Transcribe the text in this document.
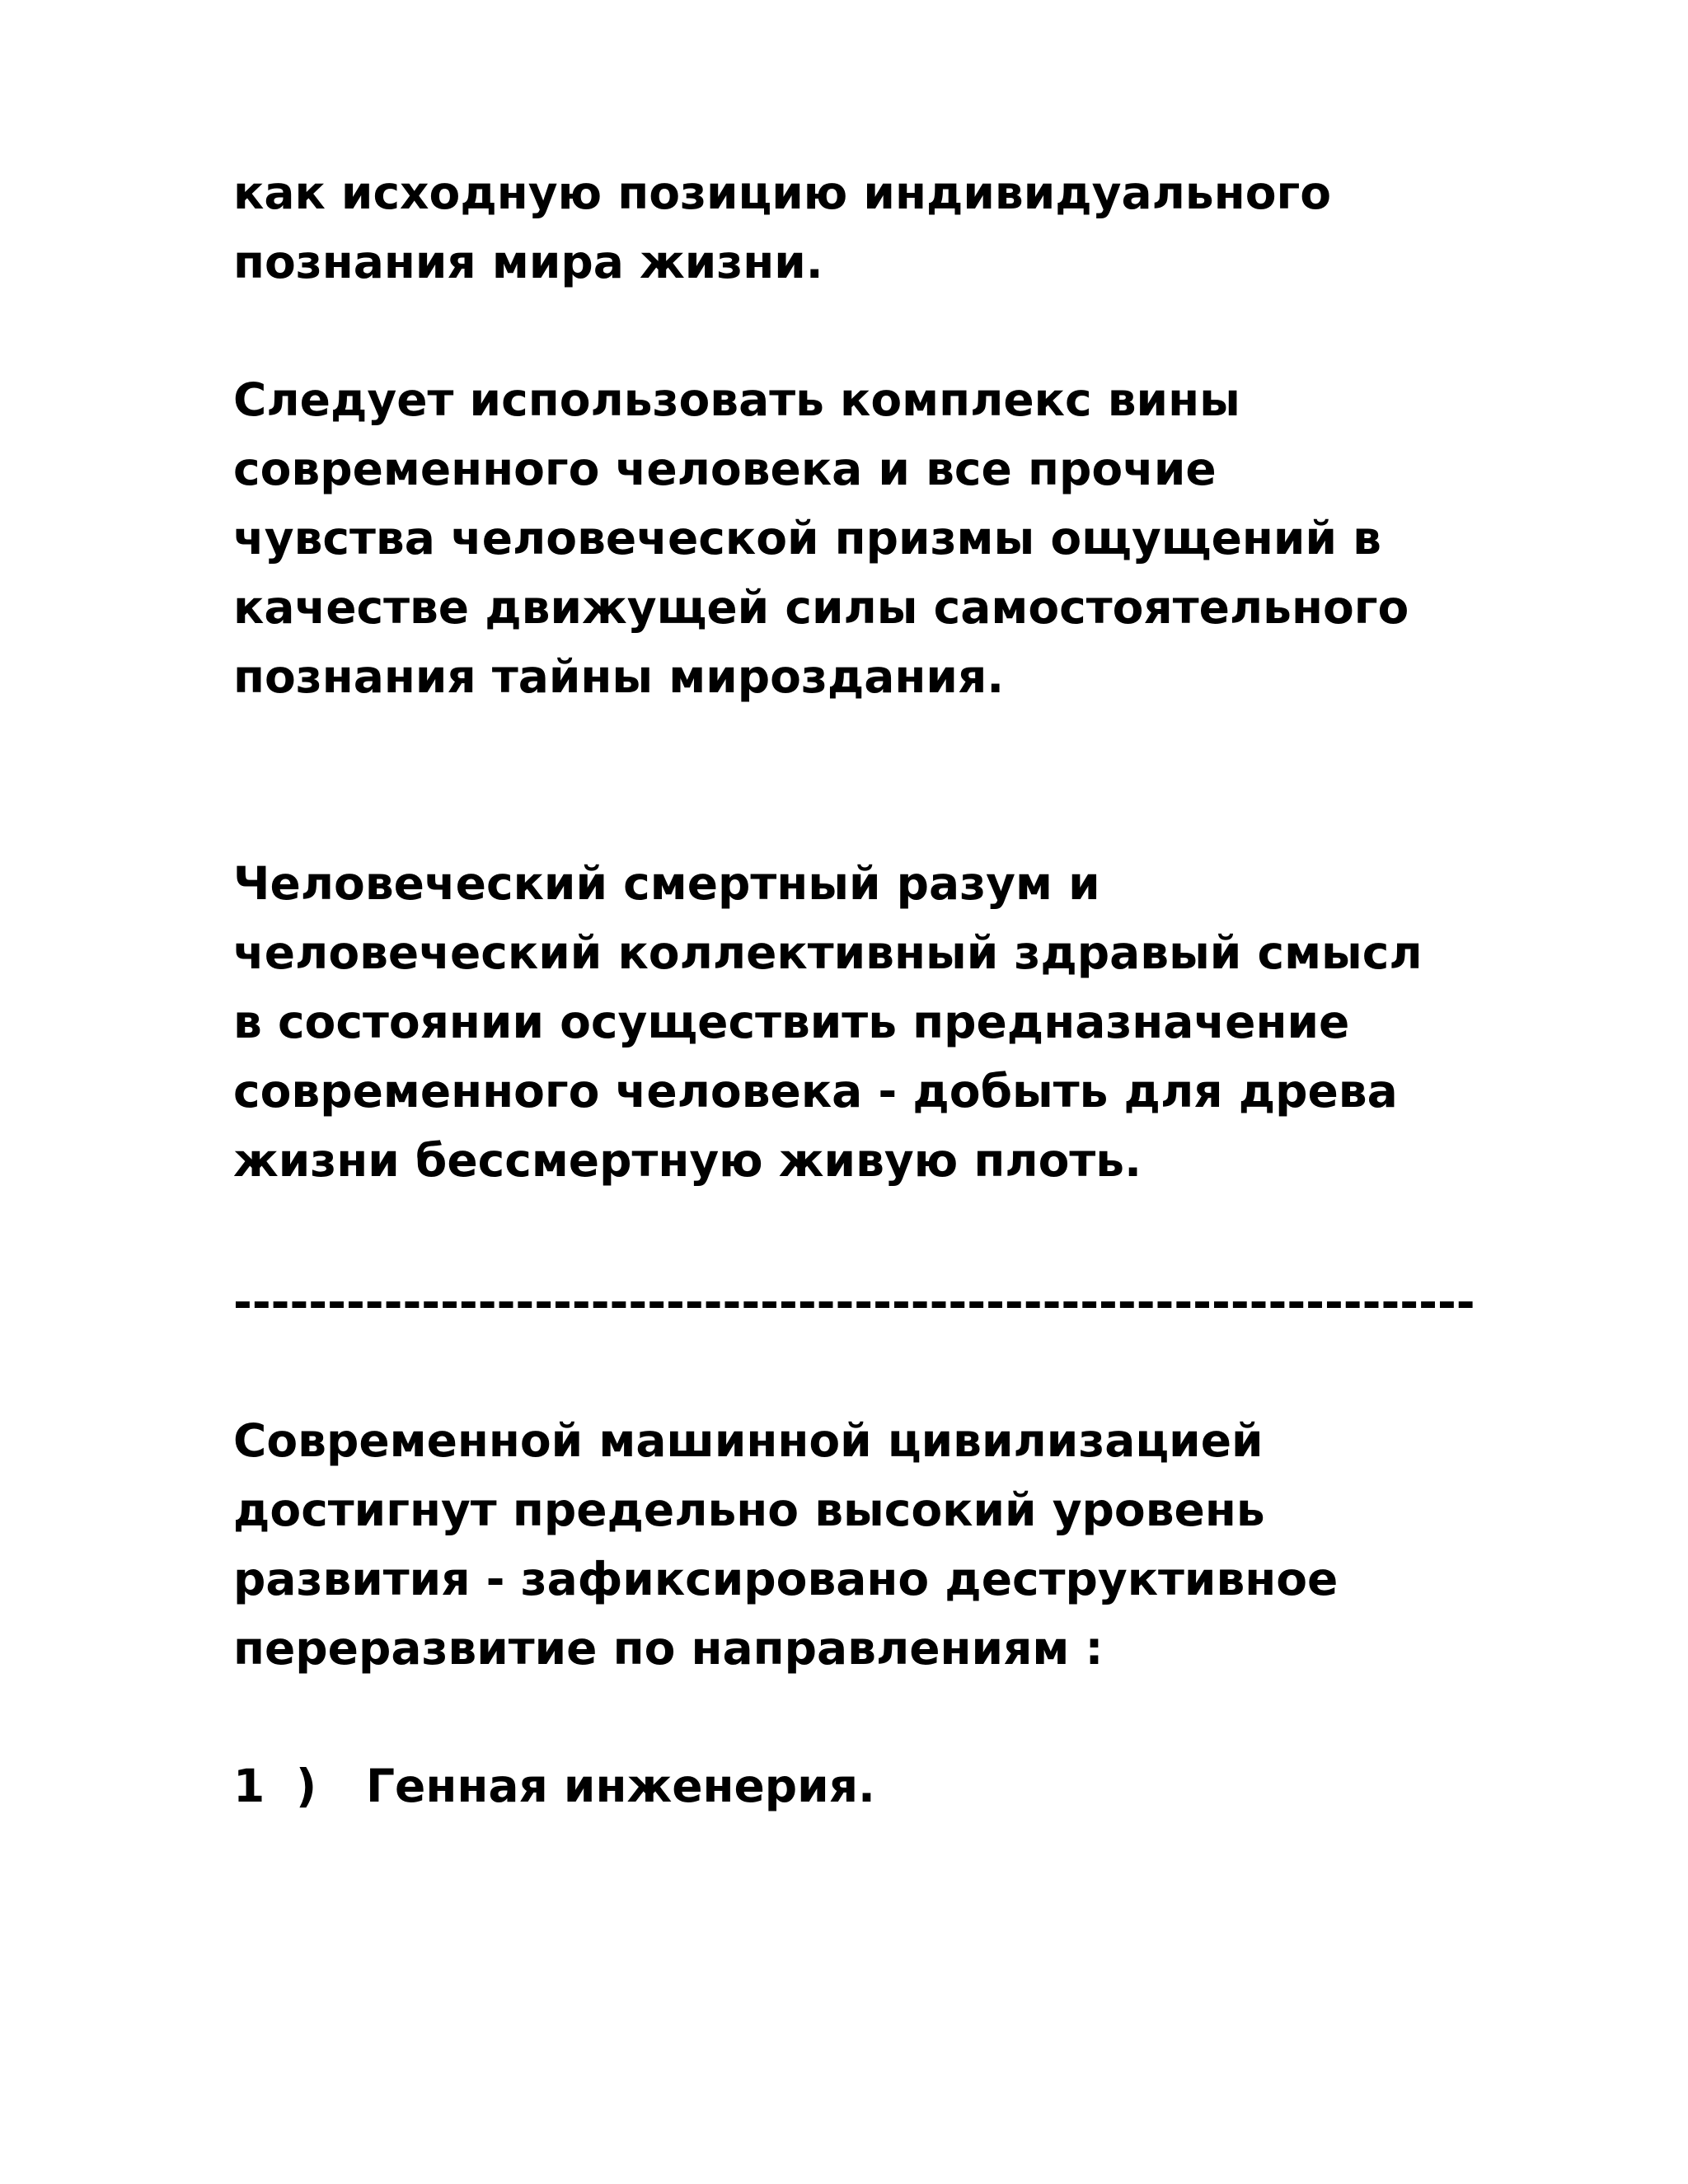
как исходную позицию индивидуального
познания мира жизни.
Следует использовать комплекс вины
современного человека и все прочие
чувства человеческой призмы ощущений в
качестве движущей силы самостоятельного
познания тайны мироздания.
Человеческий смертный разум и
человеческий коллективный здравый смысл
в состоянии осуществить предназначение
современного человека - добыть для древа
жизни бессмертную живую плоть.
------------------------------------------------------------------
Современной машинной цивилизацией
достигнут предельно высокий уровень
развития - зафиксировано деструктивное
переразвитие по направлениям :
1 ) Генная инженерия.
